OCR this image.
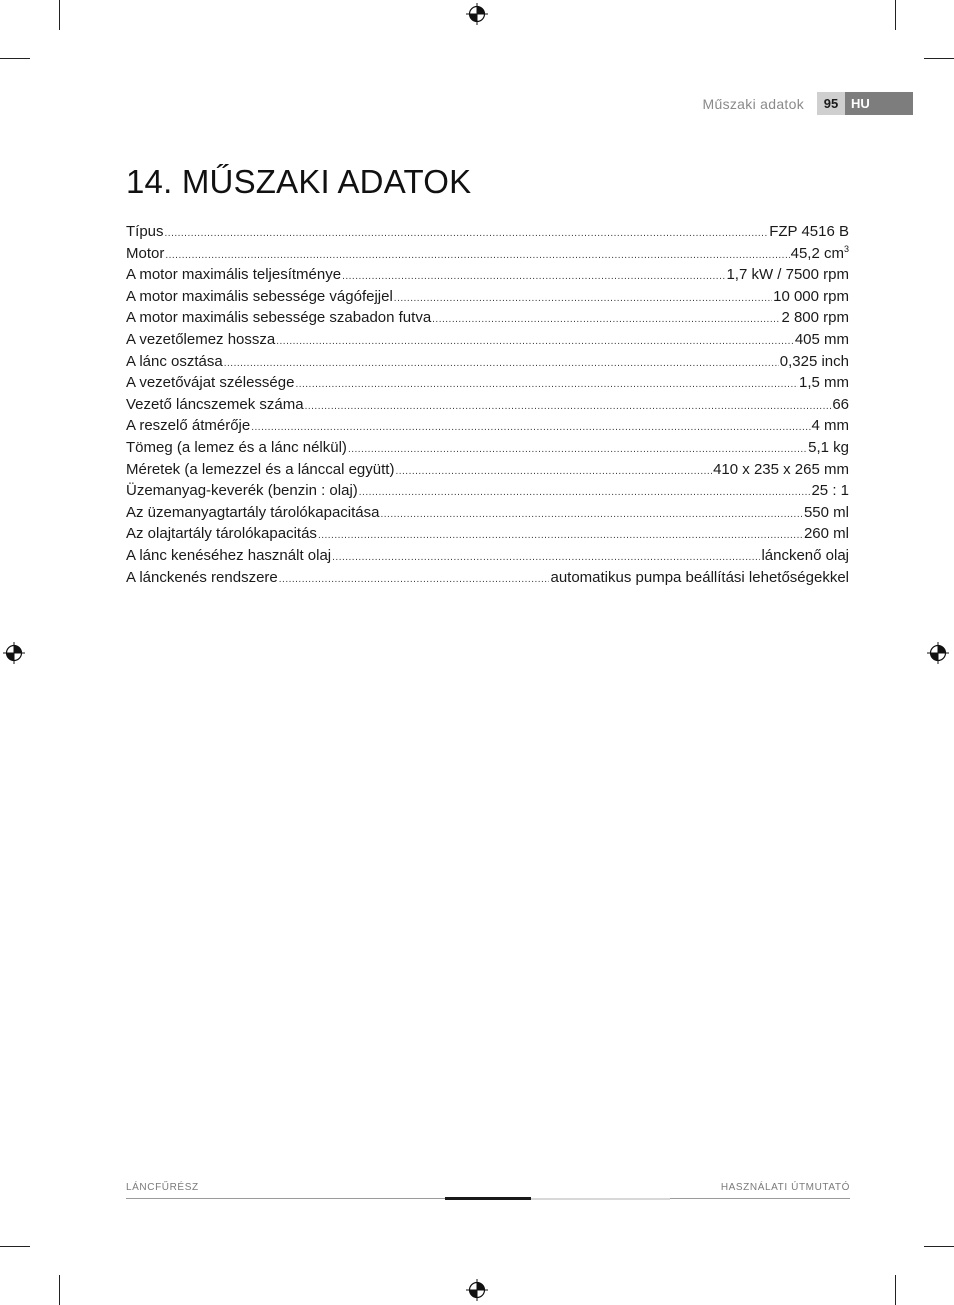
Műszaki adatok	95 HU
14. MŰSZAKI ADATOK
Típus .....	FZP 4516 B
Motor .....	45,2 $cm^3$
A motor maximális teljesítménye .....	1,7 kW / 7500 rpm
A motor maximális sebessége vágófejjel .....	10 000 rpm
A motor maximális sebessége szabadon futva .....	2 800 rpm
A vezetőlemez hossza .....	405 mm
A lánc osztása .....	0,325 inch
A vezetővájat szélessége .....	1,5 mm
Vezető láncszemek száma .....	66
A reszelő átmérője .....	4 mm
Tömeg (a lemez és a lánc nélkül) .....	5,1 kg
Méretek (a lemezzel és a lánccal együtt) .....	410 x 235 x 265 mm
Üzemanyag-keverék (benzin : olaj) .....	25 : 1
Az üzemanyagtartály tárolókapacitása .....	550 ml
Az olajtartály tárolókapacitás .....	260 ml
A lánc kenéséhez használt olaj .....	lánckenő olaj
A lánckenés rendszere .....	automatikus pumpa beállítási lehetőségekkel
LÁNCFŰRÉSZ	HASZNÁLATI ÚTMUTATÓ
